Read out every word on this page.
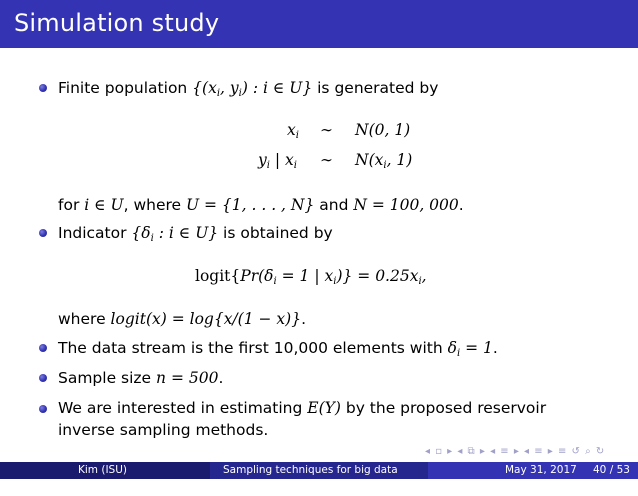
Simulation study
Finite population {($x_i$, $y_i$) : i ∈ U} is generated by
$x_i$ ∼ N(0, 1)
$y_i$ | $x_i$ ∼ $N(x_i$, 1)
for i ∈ U, where U = {1, . . . , N} and N = 100, 000.
Indicator {$\delta_i$ : i ∈ U} is obtained by
$logit\{Pr(\delta_i = 1$ | $x_i)\} = 0.25x_i$,
where logit(x) = log{x/(1 − x)}.
The data stream is the first 10,000 elements with $\delta_i = 1$.
Sample size n = 500.
We are interested in estimating E(Y) by the proposed reservoir
inverse sampling methods.
◂ ▫ ▸ ◂ ⧉ ▸ ◂ ≡ ▸ ◂ ≡ ▸ ≡ ↺ ⌕ ↻
Kim (ISU)	Sampling techniques for big data analysis
May 31, 2017 40 / 53
